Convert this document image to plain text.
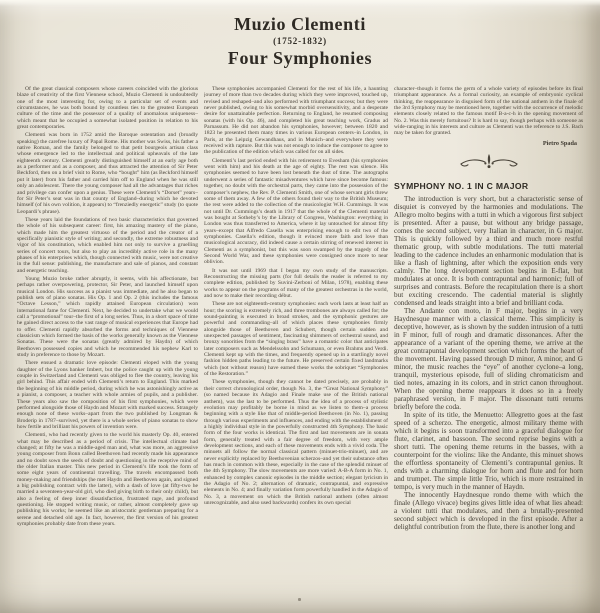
Muzio Clementi
(1752-1832)
Four Symphonies

Of the great classical composers whose careers coincided with the glorious blaze of creativity of the first Viennese school, Muzio Clementi is undoubtedly one of the most interesting for, owing to a particular set of events and circumstances, he was both bound by countless ties to the greatest European culture of the time and the possessor of a quality of anomalous uniqueness–which meant that he occupied a somewhat isolated position in relation to his great contemporaries.

Clementi was born in 1752 amid the Baroque ostentation and (broadly speaking) the carefree luxury of Papal Rome. His mother was Swiss, his father a native Roman, and the family belonged to that petit bourgeois artisan class whose emergence led to the intellectual and political upheavals of the late eighteenth century. Clementi greatly distinguished himself at an early age both as a performer and as a composer, and thus attracted the attention of Sir Peter Beckford, then on a brief visit to Rome, who “bought” him (as Beckford himself put it later) from his father and carried him off to England when he was still only an adolescent. There the young composer had all the advantages that riches and privilege can confer upon a genius. These were Clementi’s “Dorset” years–for Sir Peter’s seat was in that county of England–during which he devoted himself (of his own volition, it appears) to “frenziedly energetic” study (to quote Leopardi’s phrase).

These years laid the foundations of two basic characteristics that governed the whole of his subsequent career: first, his amazing mastery of the piano, which made him the greatest virtuoso of the period and the creator of a specifically pianistic style of writing; and secondly, the extreme robustness and vigor of his constitution, which enabled him not only to survive a gruelling series of concert tours, but also to play an incredibly active role in the many phases of his enterprises which, though connected with music, were not creative in the full sense: publishing, the manufacture and sale of pianos, and constant and energetic teaching.

Young Muzio broke rather abruptly, it seems, with his affectionate, but perhaps rather overpowering, protector, Sir Peter, and launched himself upon musical London. His success as a pianist was immediate, and he also began to publish sets of piano sonatas. His Op. 1 and Op. 2 (this includes the famous “Octave Lesson,” which rapidly attained European circulation) won international fame for Clementi. Next, he decided to undertake what we would call a “promotional” tour–the first of a long series. Thus, in a short space of time he gained direct access to the vast range of musical experiences that Europe had to offer. Clementi rapidly absorbed the forms and techniques of Viennese classicism which formed the basis of the works generally known as the Viennese Sonatas. These were the sonatas (greatly admired by Haydn) of which Beethoven possessed copies and which he recommended his nephew Karl to study in preference to those by Mozart.

There ensued a dramatic love episode: Clementi eloped with the young daughter of the Lyons banker Imbert, but the police caught up with the young couple in Switzerland and Clementi was obliged to flee the country, leaving his girl behind. This affair ended with Clementi’s return to England. This marked the beginning of his middle period, during which he was astonishingly active as a pianist, a composer, a teacher with whole armies of pupils, and a publisher. These years also saw the composition of his first symphonies, which were performed alongside those of Haydn and Mozart with marked success. Strangely enough none of these works–apart from the two published by Longman & Broderip in 1787–survived, yet there is a whole series of piano sonatas to show how fertile and brilliant his powers of invention were.

Clementi, who had recently given to the world his masterly Op. 40, entered what may be described as a period of crisis. The intellectual climate had changed; at fifty he was a middle-aged man and, what was more, an aggressive young composer from Bonn called Beethoven had recently made his appearance and no doubt sown the seeds of doubt and questioning in the receptive mind of the older Italian master. This new period in Clementi’s life took the form of some eight years of continental travelling. The travels encompassed both money-making and friendships (he met Haydn and Beethoven again, and signed a big publishing contract with the latter), with a dash of love (at fifty-two he married a seventeen-year-old girl, who died giving birth to their only child), but also a feeling of deep inner dissatisfaction, frustrated rage, and profound questioning. He stopped writing music, or rather, almost completely gave up publishing his works; he seemed like an aristocratic gentleman preparing for a serene and detached old age. In fact, however, the first version of his greatest symphonies probably date from these years.

These symphonies accompanied Clementi for the rest of his life, a haunting journey of more than two decades during which they were improved, touched up, revised and reshaped–and also performed with triumphant success; but they were never published, owing to his somewhat morbid oversensitivity, and a desperate desire for unattainable perfection. Returning to England, he resumed composing sonatas (with his Op. 46), and completed his great teaching work, Gradus ad Parnassum. He did not abandon his symphonies, however; between 1820 and 1823 he presented them many times in various European centers–in London, in Paris, at the Leipzig Gewandhaus, and in Munich–and everywhere they were received with rapture. But this was not enough to induce the composer to agree to the publication of the edition which was called for on all sides.

Clementi’s last period ended with his retirement to Evesham (his symphonies went with him) and his death at the age of eighty. The rest was silence. His symphonies seemed to have been lost beneath the dust of time. The autographs underwent a series of fantastic misadventures which have since become famous: together, no doubt with the orchestral parts, they came into the possession of the composer’s nephew, the Rev. P. Clementi Smith, one of whose servant girls threw some of them away. A few of the others found their way to the British Museum; the rest were added to the collection of the musicologist W.H. Cummings. It was not until Dr. Cummings’s death in 1917 that the whole of the Clementi material was bought at Sotheby’s by the Library of Congress, Washington: everything in London was thus transferred to America, where it lay untouched for almost fifty years–except that Alfredo Casella was enterprising enough to edit two of the symphonies. Casella’s edition, though it evinced more faith and love than musicological accuracy, did indeed cause a certain stirring of renewed interest in Clementi as a symphonist, but this was soon swamped by the tragedy of the Second World War, and these symphonies were consigned once more to near oblivion.

It was not until 1969 that I began my own study of the manuscripts. Reconstructing the missing parts (for full details the reader is referred to my complete edition, published by Suvini-Zerboni of Milan, 1978), enabling these works to appear on the programs of many of the greatest orchestras in the world, and now to make their recording début.

These are not eighteenth-century symphonies: each work lasts at least half an hour; the scoring is extremely rich, and three trombones are always called for; the sound-painting is executed in broad strokes, and the symphonic gestures are powerful and commanding–all of which places these symphonies firmly alongside those of Beethoven and Schubert, though certain sudden and unexpected passages of sentiment, fascinating shimmers of orchestral sound, and bronzy sonorities from the “singing brass” have a romantic color that anticipates later composers such as Mendelssohn and Schumann, or even Brahms and Verdi. Clementi kept up with the times, and frequently opened up in a startlingly novel fashion hidden paths leading to the future. He preserved certain fixed landmarks which (not without reason) have earned these works the sobriquet “Symphonies of the Restoration.”

These symphonies, though they cannot be dated precisely, are probably in their correct chronological order, though No. 3, the “Great National Symphony” (so named because its Adagio and Finale make use of the British national anthem), was the last to be performed. Thus the idea of a process of stylistic evolution may profitably be borne in mind as we listen to them–a process beginning with a style like that of middle-period Beethoven (in No. 1), passing through various experiments and influences, and ending with the establishment of a highly individual style in the powerfully constructed 4th Symphony. The basic form of the four works is identical. The first and last movements are in sonata form, generally treated with a fair degree of freedom, with very ample development sections, and each of these movements ends with a vivid coda. The minuets all follow the normal classical pattern (minuet-trio-minuet), and are never explicitly replaced by Beethovenian scherzos–and yet their substance often has much in common with these, especially in the case of the splendid minuet of the 4th Symphony. The slow movements are more varied: A-B-A form in No. 1, enhanced by complex canonic episodes in the middle section; elegant lyricism in the Adagio of No. 2; alternation of dramatic, contrapuntal, and expressive elements in No. 4; and finally variation form powerfully handled in the Adagio of No. 3, a movement on which the British national anthem (often almost unrecognizable, and also used backwards) confers its own special

character–though it forms the germ of a whole variety of episodes before its final triumphant appearance. As a formal curiosity, an example of embryonic cyclical thinking, the reappearance in disguised form of the national anthem in the finale of the 3rd Symphony may be mentioned here, together with the occurrence of melodic elements closely related to the famous motif B-a-c-h in the opening movement of No. 2. Was this merely fortuitous? It is hard to say, though perhaps with someone as wide-ranging in his interests and culture as Clementi was the reference to J.S. Bach may be taken for granted.
Pietro Spada
SYMPHONY NO. 1 IN C MAJOR

The introduction is very short, but a characteristic sense of disquiet is conveyed by the harmonies and modulations. The Allegro molto begins with a tutti in which a vigorous first subject is presented. After a pause, but without any bridge passage, comes the second subject, very Italian in character, in G major. This is quickly followed by a third and much more restful thematic group, with subtle modulations. The tutti material leading to the cadence includes an enharmonic modulation that is like a flash of lightning, after which the exposition ends very calmly. The long development section begins in E-flat, but modulates at once. It is both contrapuntal and harmonic; full of surprises and contrasts. Before the recapitulation there is a short but exciting crescendo. The cadential material is slightly condensed and leads straight into a brief and brilliant coda.

The Andante con moto, in F major, begins in a very Haydnesque manner with a classical theme. This simplicity is deceptive, however, as is shown by the sudden intrusion of a tutti in F minor, full of rough and dramatic dissonances. After the appearance of a variant of the opening theme, we arrive at the great contrapuntal development section which forms the heart of the movement. Having passed through D minor, A minor, and G minor, the music reaches the “eye” of another cyclone–a long, tranquil, mysterious episode, full of sliding chromaticism and tied notes, amazing in its colors, and in strict canon throughout. When the opening theme reappears it does so in a freely paraphrased version, in F major. The dissonant tutti returns briefly before the coda.

In spite of its title, the Menuetto: Allegretto goes at the fast speed of a scherzo. The energetic, almost military theme with which it begins is soon transformed into a graceful dialogue for flute, clarinet, and bassoon. The second reprise begins with a short tutti. The opening theme returns in the basses, with a counterpoint for the violins: like the Andante, this minuet shows the effortless spontaneity of Clementi’s contrapuntal genius. It ends with a charming dialogue for horn and flute and for horn and trumpet. The simple little Trio, which is more restrained in tempo, is very much in the manner of Haydn.

The innocently Haydnesque rondo theme with which the finale (Allego vivace) begins gives little idea of what lies ahead: a violent tutti that modulates, and then a brutally-presented second subject which is developed in the first episode. After a delightful contribution from the flute, there is another long and
